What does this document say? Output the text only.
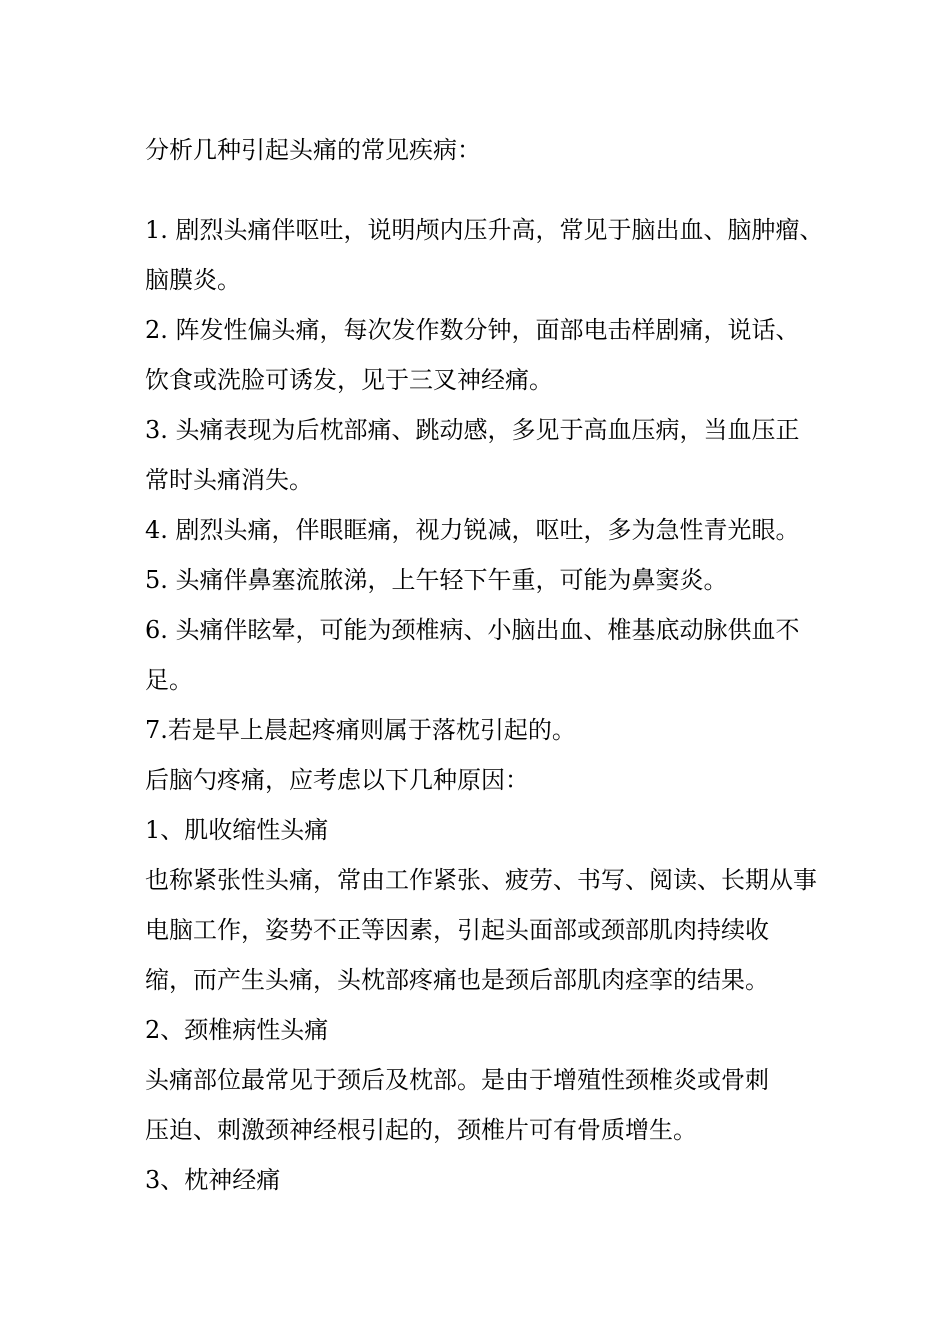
分析几种引起头痛的常见疾病：
1. 剧烈头痛伴呕吐，说明颅内压升高，常见于脑出血、脑肿瘤、
脑膜炎。
2. 阵发性偏头痛，每次发作数分钟，面部电击样剧痛，说话、
饮食或洗脸可诱发，见于三叉神经痛。
3. 头痛表现为后枕部痛、跳动感，多见于高血压病，当血压正
常时头痛消失。
4. 剧烈头痛，伴眼眶痛，视力锐减，呕吐，多为急性青光眼。
5. 头痛伴鼻塞流脓涕，上午轻下午重，可能为鼻窦炎。
6. 头痛伴眩晕，可能为颈椎病、小脑出血、椎基底动脉供血不
足。
7.若是早上晨起疼痛则属于落枕引起的。
后脑勺疼痛，应考虑以下几种原因：
1、肌收缩性头痛
也称紧张性头痛，常由工作紧张、疲劳、书写、阅读、长期从事
电脑工作，姿势不正等因素，引起头面部或颈部肌肉持续收
缩，而产生头痛，头枕部疼痛也是颈后部肌肉痉挛的结果。
2、颈椎病性头痛
头痛部位最常见于颈后及枕部。是由于增殖性颈椎炎或骨刺
压迫、刺激颈神经根引起的，颈椎片可有骨质增生。
3、枕神经痛
